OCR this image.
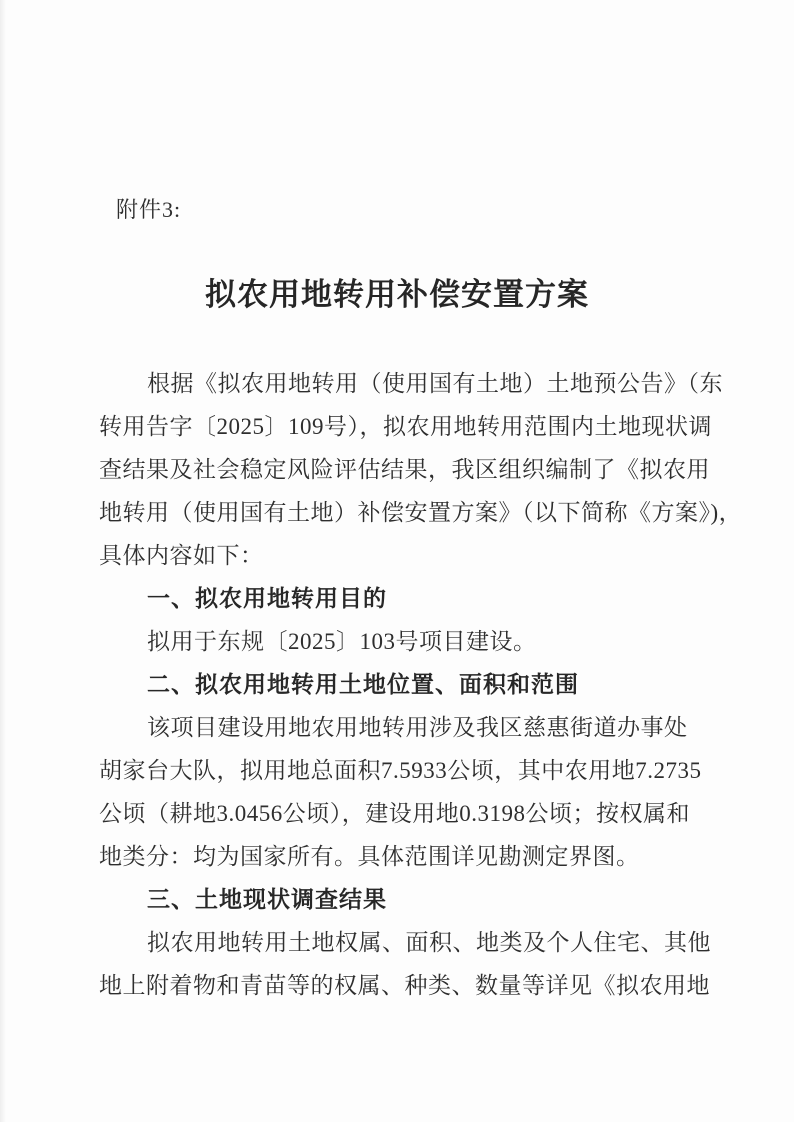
附件3:
拟农用地转用补偿安置方案
根据《拟农用地转用（使用国有土地）土地预公告》（东
转用告字〔2025〕109号），拟农用地转用范围内土地现状调
查结果及社会稳定风险评估结果，我区组织编制了《拟农用
地转用（使用国有土地）补偿安置方案》（以下简称《方案》)，
具体内容如下：
一、拟农用地转用目的
拟用于东规〔2025〕103号项目建设。
二、拟农用地转用土地位置、面积和范围
该项目建设用地农用地转用涉及我区慈惠街道办事处
胡家台大队，拟用地总面积7.5933公顷，其中农用地7.2735
公顷（耕地3.0456公顷），建设用地0.3198公顷；按权属和
地类分：均为国家所有。具体范围详见勘测定界图。
三、土地现状调查结果
拟农用地转用土地权属、面积、地类及个人住宅、其他
地上附着物和青苗等的权属、种类、数量等详见《拟农用地
